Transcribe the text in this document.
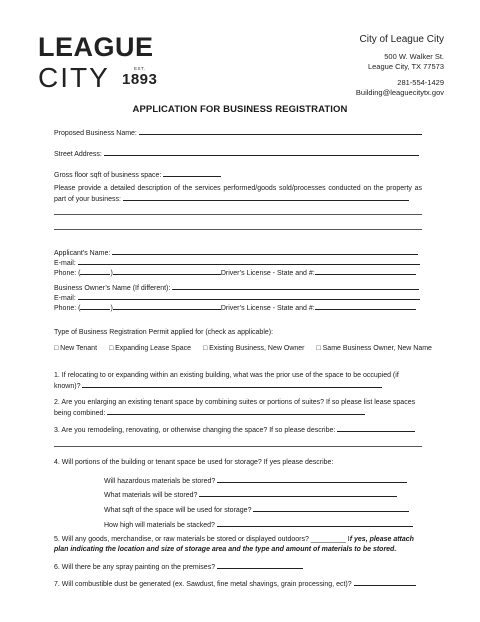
LEAGUE
CITY	EST.
1893
City of League City
500 W. Walker St.
League City, TX 77573
281-554-1429
Building@leaguecitytx.gov
APPLICATION FOR BUSINESS REGISTRATION
Proposed Business Name:
Street Address:
Gross floor sqft of business space:
Please provide a detailed description of the services performed/goods sold/processes conducted on the property as part of your business:
Applicant’s Name:
E-mail:
Phone: (	)	Driver’s License - State and #:
Business Owner’s Name (If different):
E-mail:
Phone: (	)	Driver’s License - State and #:
Type of Business Registration Permit applied for (check as applicable):
□ New Tenant □ Expanding Lease Space □ Existing Business, New Owner □ Same Business Owner, New Name
1. If relocating to or expanding within an existing building, what was the prior use of the space to be occupied (if known)?
2. Are you enlarging an existing tenant space by combining suites or portions of suites? If so please list lease spaces being combined:
3. Are you remodeling, renovating, or otherwise changing the space? If so please describe:
4. Will portions of the building or tenant space be used for storage? If yes please describe:
Will hazardous materials be stored?
What materials will be stored?
What sqft of the space will be used for storage?
How high will materials be stacked?
5. Will any goods, merchandise, or raw materials be stored or displayed outdoors? _________ If yes, please attach plan indicating the location and size of storage area and the type and amount of materials to be stored.
6. Will there be any spray painting on the premises?
7. Will combustible dust be generated (ex. Sawdust, fine metal shavings, grain processing, ect)?
